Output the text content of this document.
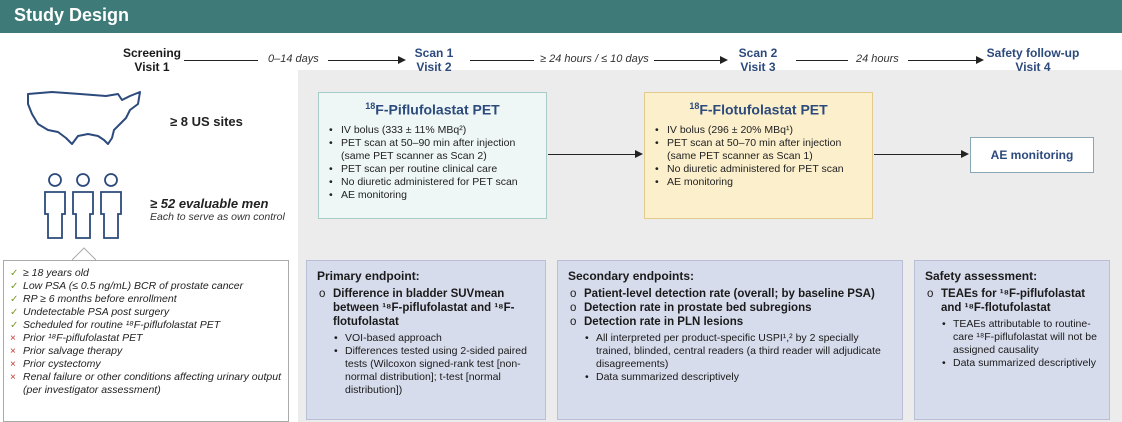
Study Design
Screening
Visit 1
Scan 1
Visit 2
Scan 2
Visit 3
Safety follow-up
Visit 4
0–14 days	≥ 24 hours / ≤ 10 days	24 hours
≥ 8 US sites
≥ 52 evaluable men
Each to serve as own control
✓ ≥ 18 years old
✓ Low PSA (≤ 0.5 ng/mL) BCR of prostate cancer
✓ RP ≥ 6 months before enrollment
✓ Undetectable PSA post surgery
✓ Scheduled for routine ¹⁸F-piflufolastat PET
× Prior ¹⁸F-piflufolastat PET
× Prior salvage therapy
× Prior cystectomy
× Renal failure or other conditions affecting urinary output (per investigator assessment)
$^{18}$F-Piflufolastat PET
• IV bolus (333 ± 11% MBq²)
• PET scan at 50–90 min after injection (same PET scanner as Scan 2)
• PET scan per routine clinical care
• No diuretic administered for PET scan
• AE monitoring
$^{18}$F-Flotufolastat PET
• IV bolus (296 ± 20% MBq¹)
• PET scan at 50–70 min after injection (same PET scanner as Scan 1)
• No diuretic administered for PET scan
• AE monitoring
AE monitoring
Primary endpoint:
o Difference in bladder SUVmean between ¹⁸F-piflufolastat and ¹⁸F-flotufolastat
• VOI-based approach
• Differences tested using 2-sided paired tests (Wilcoxon signed-rank test [non-normal distribution]; t-test [normal distribution])
Secondary endpoints:
o Patient-level detection rate (overall; by baseline PSA)
o Detection rate in prostate bed subregions
o Detection rate in PLN lesions
• All interpreted per product-specific USPI¹,² by 2 specially trained, blinded, central readers (a third reader will adjudicate disagreements)
• Data summarized descriptively
Safety assessment:
o TEAEs for ¹⁸F-piflufolastat and ¹⁸F-flotufolastat
• TEAEs attributable to routine-care ¹⁸F-piflufolastat will not be assigned causality
• Data summarized descriptively
